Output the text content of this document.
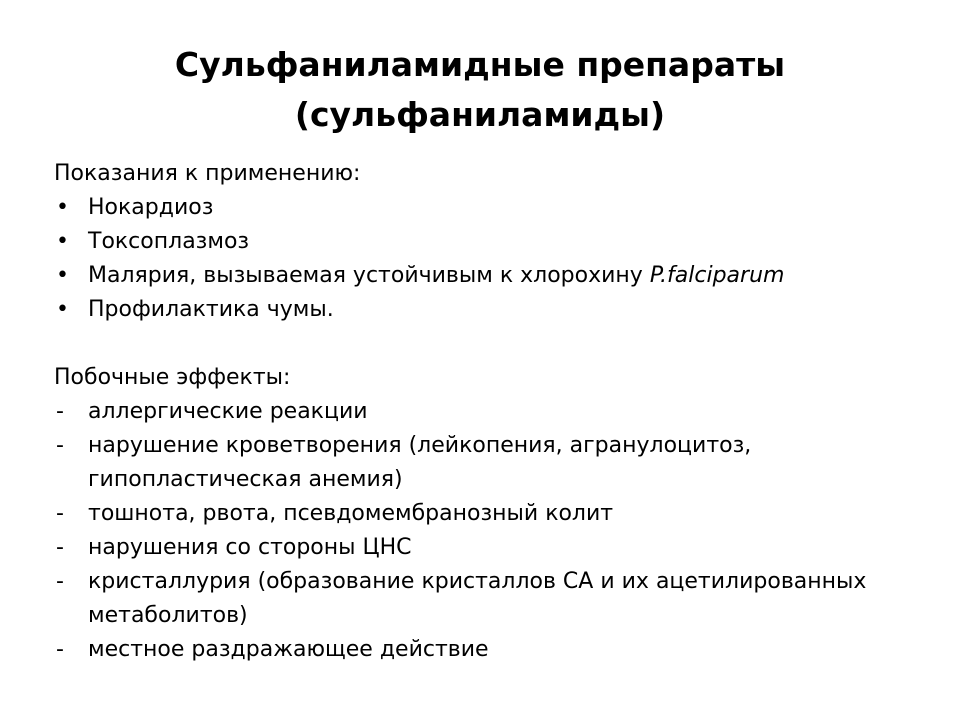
Сульфаниламидные препараты
(сульфаниламиды)
Показания к применению:
• Нокардиоз
• Токсоплазмоз
• Малярия, вызываемая устойчивым к хлорохину P.falciparum
• Профилактика чумы.
Побочные эффекты:
- аллергические реакции
- нарушение кроветворения (лейкопения, агранулоцитоз, гипопластическая анемия)
- тошнота, рвота, псевдомембранозный колит
- нарушения со стороны ЦНС
- кристаллурия (образование кристаллов СА и их ацетилированных метаболитов)
- местное раздражающее действие
